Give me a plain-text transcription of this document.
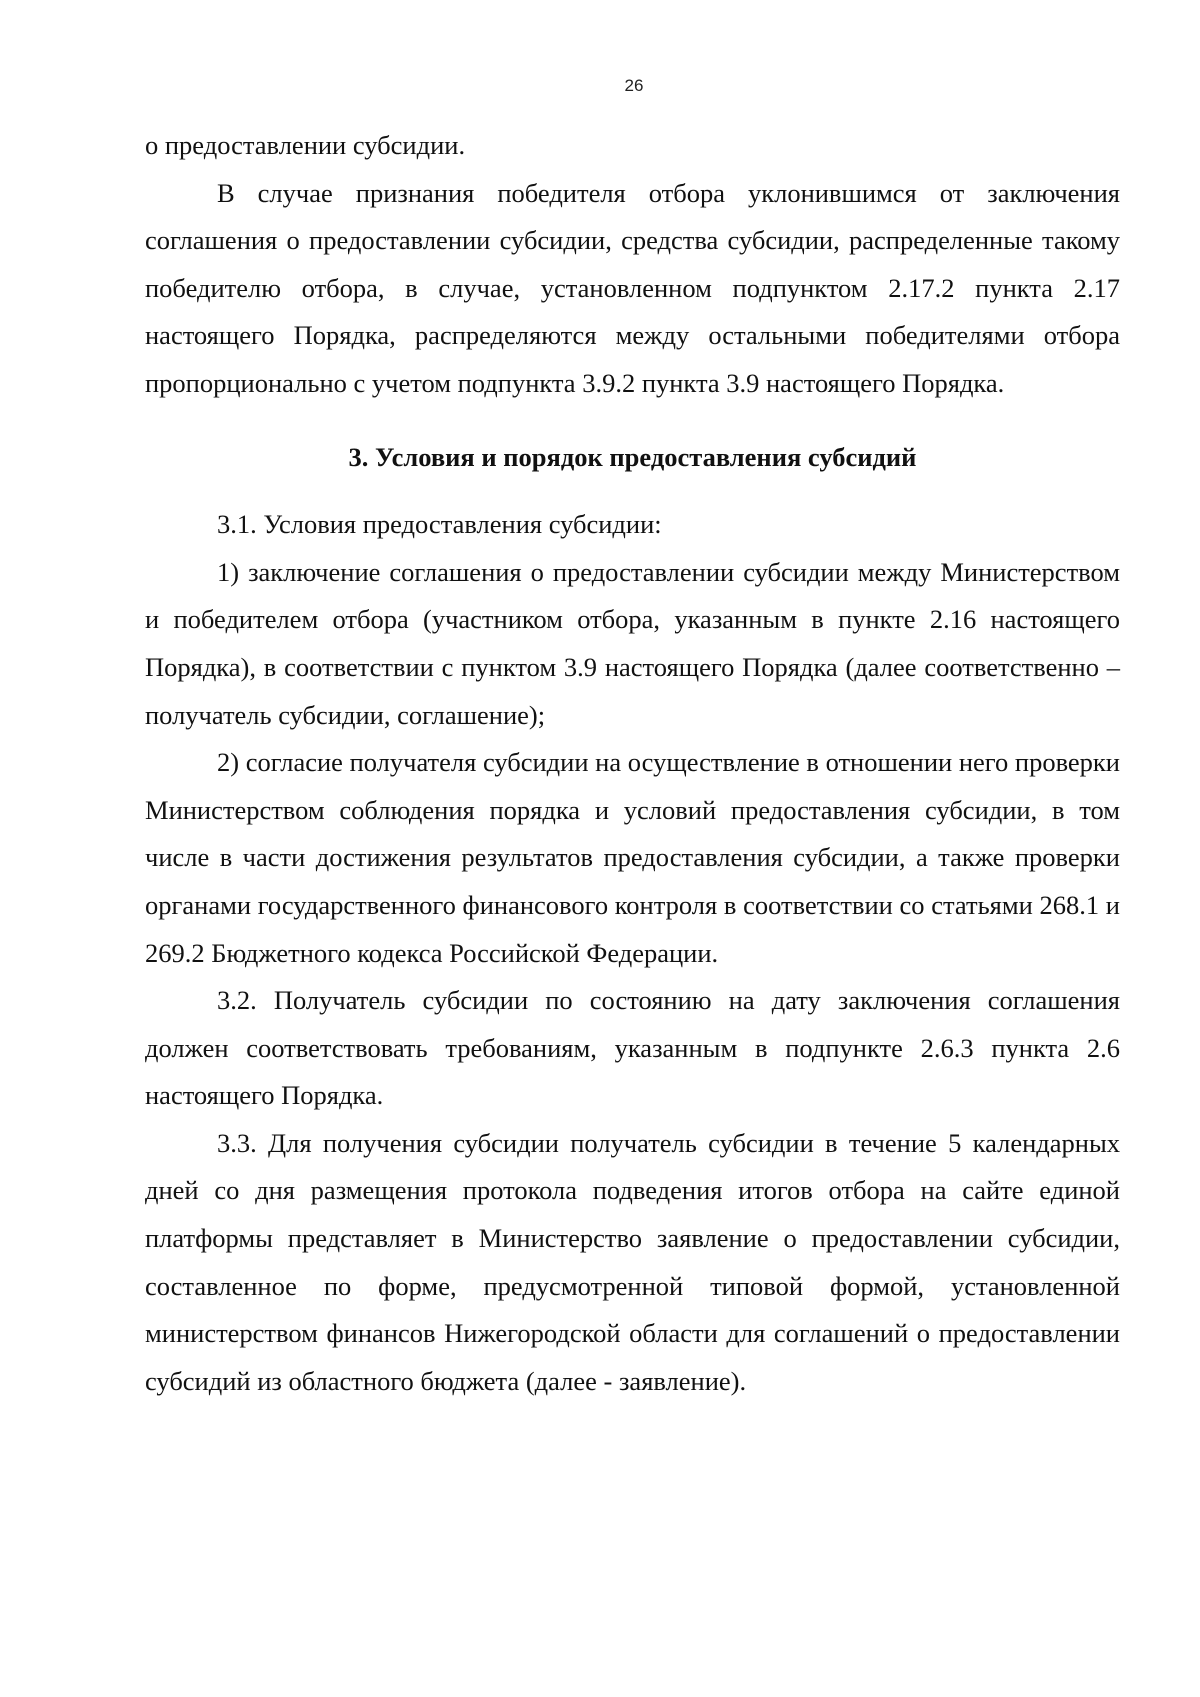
26

о предоставлении субсидии.

В случае признания победителя отбора уклонившимся от заключения соглашения о предоставлении субсидии, средства субсидии, распределенные такому победителю отбора, в случае, установленном подпунктом 2.17.2 пункта 2.17 настоящего Порядка, распределяются между остальными победителями отбора пропорционально с учетом подпункта 3.9.2 пункта 3.9 настоящего Порядка.

3. Условия и порядок предоставления субсидий

3.1. Условия предоставления субсидии:

1) заключение соглашения о предоставлении субсидии между Министерством и победителем отбора (участником отбора, указанным в пункте 2.16 настоящего Порядка), в соответствии с пунктом 3.9 настоящего Порядка (далее соответственно – получатель субсидии, соглашение);

2) согласие получателя субсидии на осуществление в отношении него проверки Министерством соблюдения порядка и условий предоставления субсидии, в том числе в части достижения результатов предоставления субсидии, а также проверки органами государственного финансового контроля в соответствии со статьями 268.1 и 269.2 Бюджетного кодекса Российской Федерации.

3.2. Получатель субсидии по состоянию на дату заключения соглашения должен соответствовать требованиям, указанным в подпункте 2.6.3 пункта 2.6 настоящего Порядка.

3.3. Для получения субсидии получатель субсидии в течение 5 календарных дней со дня размещения протокола подведения итогов отбора на сайте единой платформы представляет в Министерство заявление о предоставлении субсидии, составленное по форме, предусмотренной типовой формой, установленной министерством финансов Нижегородской области для соглашений о предоставлении субсидий из областного бюджета (далее - заявление).
